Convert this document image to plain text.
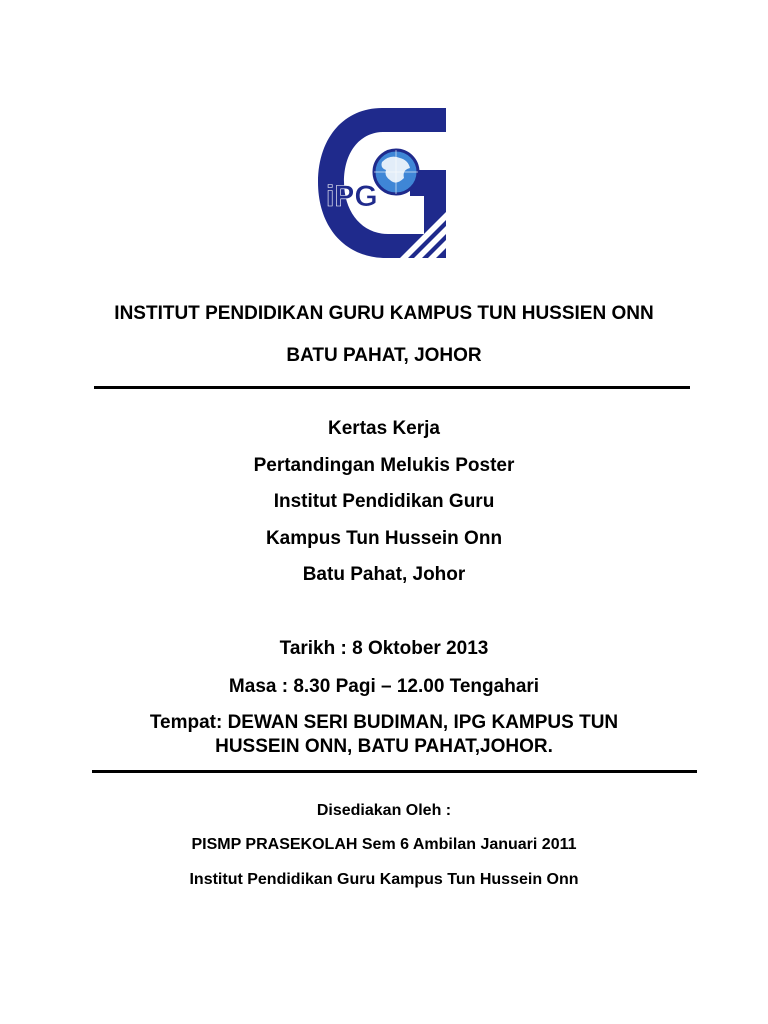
iPG
INSTITUT PENDIDIKAN GURU KAMPUS TUN HUSSIEN ONN
BATU PAHAT, JOHOR
Kertas Kerja
Pertandingan Melukis Poster
Institut Pendidikan Guru
Kampus Tun Hussein Onn
Batu Pahat, Johor
Tarikh : 8 Oktober 2013
Masa : 8.30 Pagi – 12.00 Tengahari
Tempat: DEWAN SERI BUDIMAN, IPG KAMPUS TUN
HUSSEIN ONN, BATU PAHAT,JOHOR.
Disediakan Oleh :
PISMP PRASEKOLAH Sem 6 Ambilan Januari 2011
Institut Pendidikan Guru Kampus Tun Hussein Onn
